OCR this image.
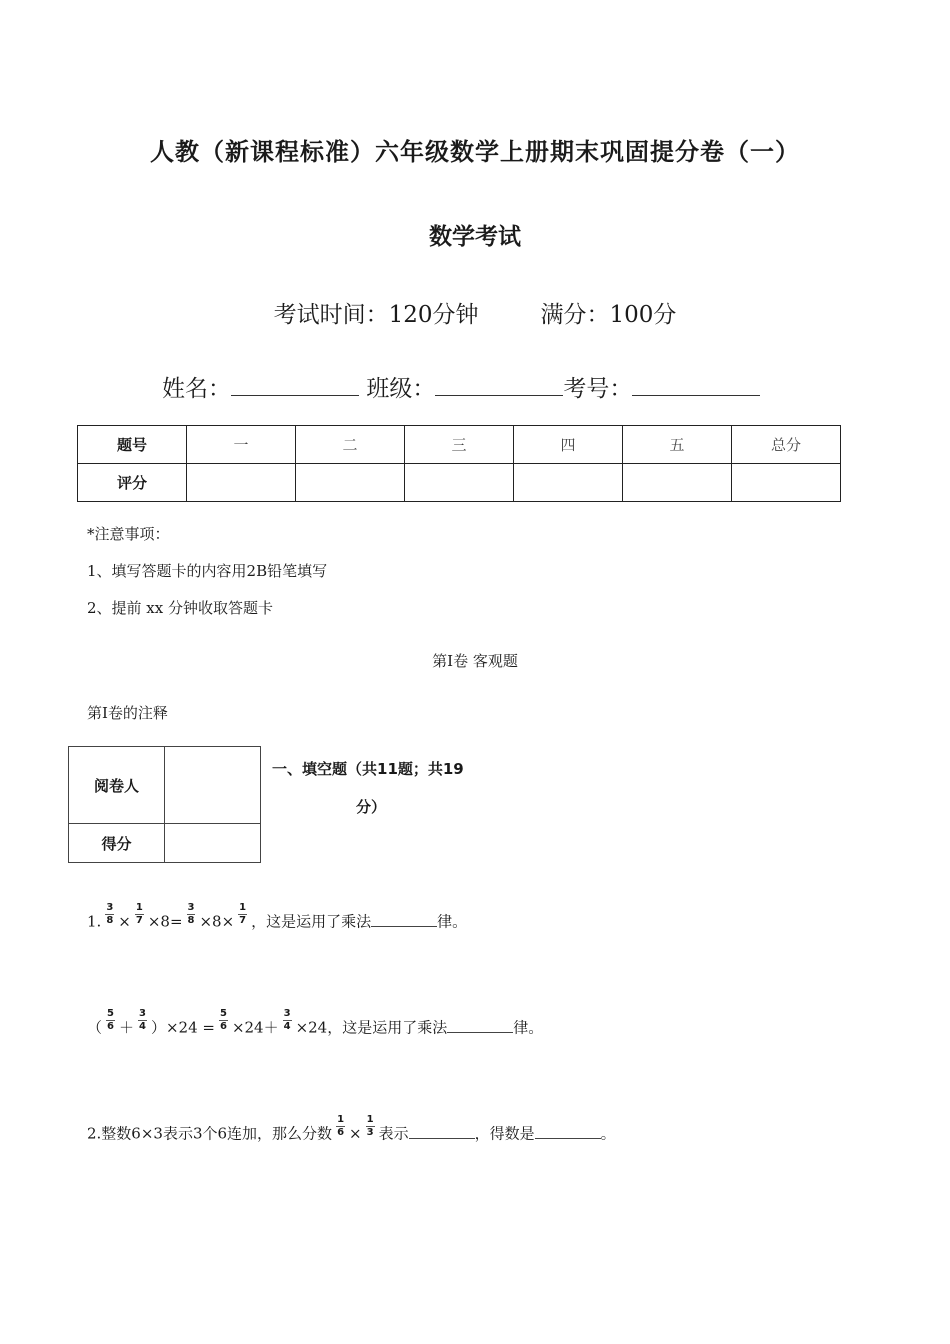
人教（新课程标准）六年级数学上册期末巩固提分卷（一）
数学考试
考试时间：120分钟	满分：100分
姓名：	班级：	考号：
题号	一	二	三	四	五	总分
评分						
*注意事项：
1、填写答题卡的内容用2B铅笔填写
2、提前 xx 分钟收取答题卡
第Ⅰ卷 客观题
第Ⅰ卷的注释
阅卷人	
得分	
一、填空题（共11题；共19
分）
1. $\frac{3}{8} \times \frac{1}{7} \times 8= \frac{3}{8} \times 8\times \frac{1}{7}$ ，这是运用了乘法	律。
（ $\frac{5}{6} + \frac{3}{4} )\times 24 = \frac{5}{6} \times 24+ \frac{3}{4} \times 24$，这是运用了乘法	律。
2.整数6×3表示3个6连加，那么分数 $\frac{1}{6} \times \frac{1}{3}$ 表示	，得数是	。
